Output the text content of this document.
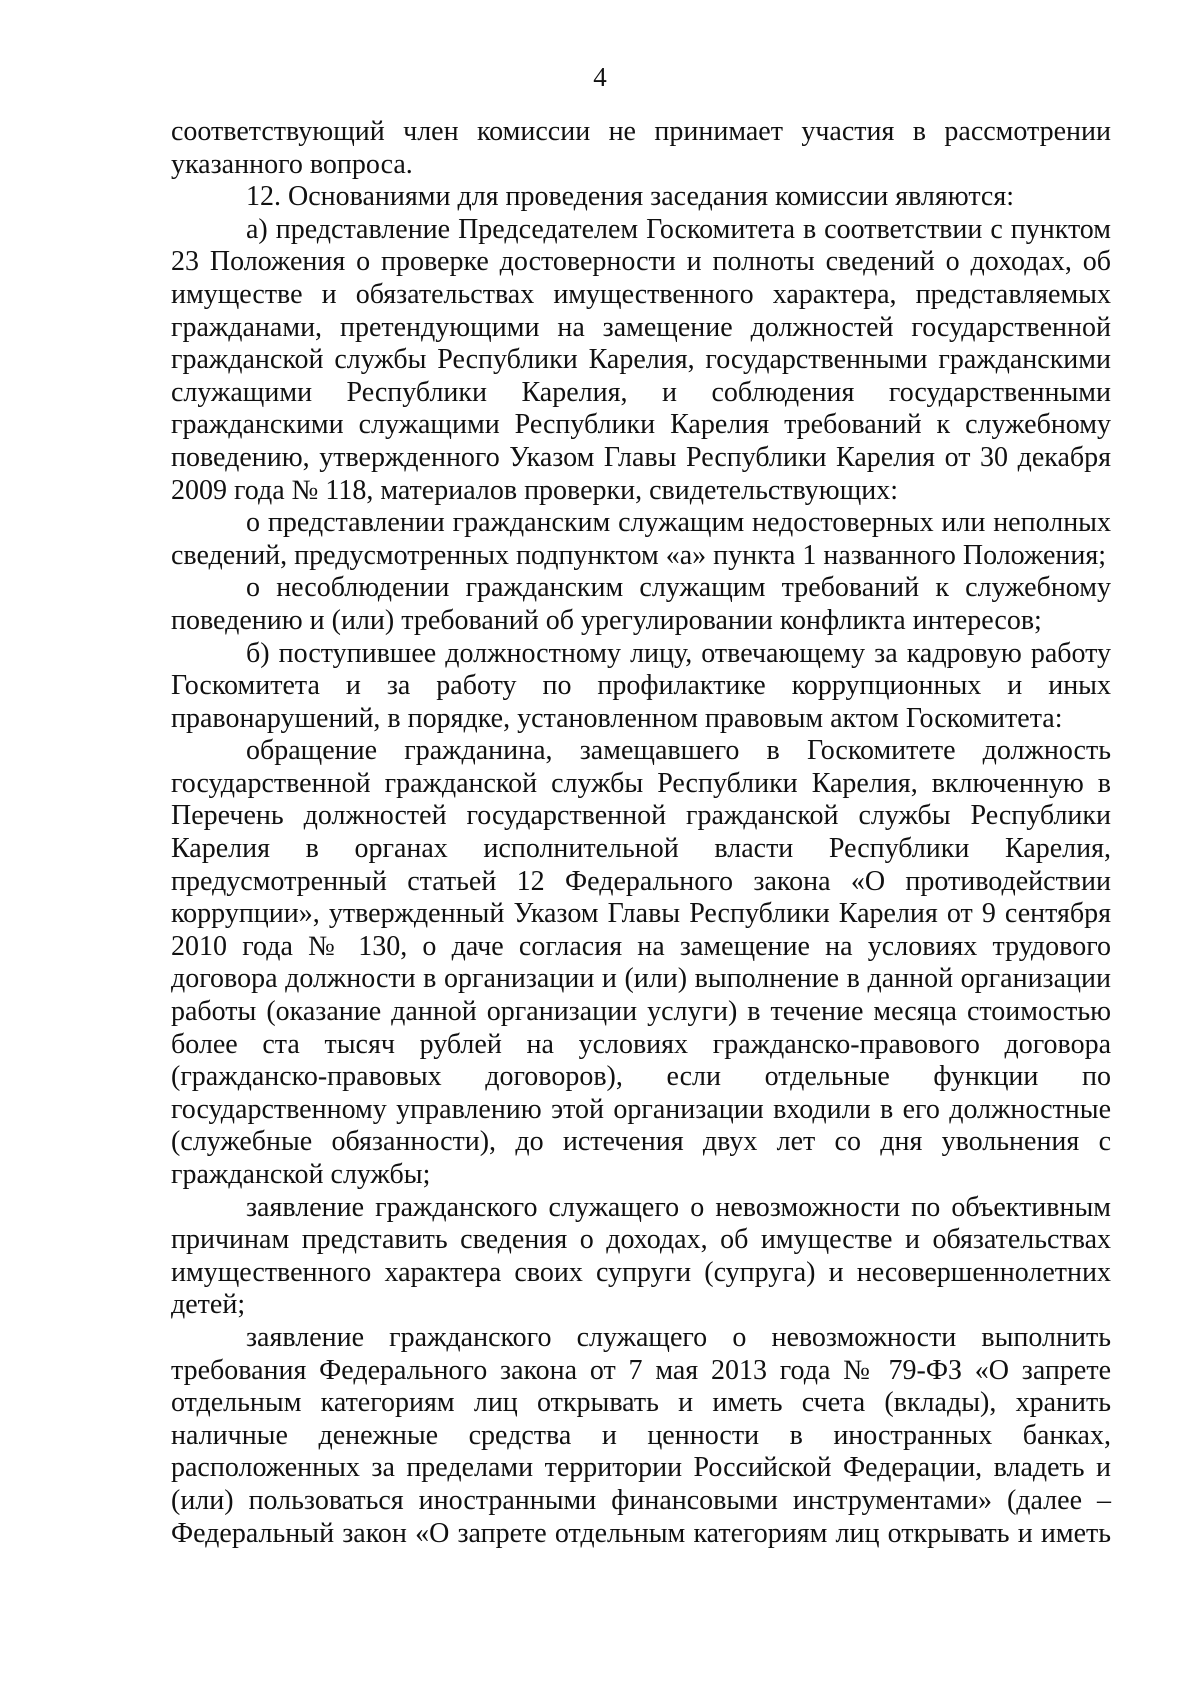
4

соответствующий член комиссии не принимает участия в рассмотрении указанного вопроса.

12. Основаниями для проведения заседания комиссии являются:

а) представление Председателем Госкомитета в соответствии с пунктом 23 Положения о проверке достоверности и полноты сведений о доходах, об имуществе и обязательствах имущественного характера, представляемых гражданами, претендующими на замещение должностей государственной гражданской службы Республики Карелия, государственными гражданскими служащими Республики Карелия, и соблюдения государственными гражданскими служащими Республики Карелия требований к служебному поведению, утвержденного Указом Главы Республики Карелия от 30 декабря 2009 года № 118, материалов проверки, свидетельствующих:

о представлении гражданским служащим недостоверных или неполных сведений, предусмотренных подпунктом «а» пункта 1 названного Положения;

о несоблюдении гражданским служащим требований к служебному поведению и (или) требований об урегулировании конфликта интересов;

б) поступившее должностному лицу, отвечающему за кадровую работу Госкомитета и за работу по профилактике коррупционных и иных правонарушений, в порядке, установленном правовым актом Госкомитета:

обращение гражданина, замещавшего в Госкомитете должность государственной гражданской службы Республики Карелия, включенную в Перечень должностей государственной гражданской службы Республики Карелия в органах исполнительной власти Республики Карелия, предусмотренный статьей 12 Федерального закона «О противодействии коррупции», утвержденный Указом Главы Республики Карелия от 9 сентября 2010 года № 130, о даче согласия на замещение на условиях трудового договора должности в организации и (или) выполнение в данной организации работы (оказание данной организации услуги) в течение месяца стоимостью более ста тысяч рублей на условиях гражданско-правового договора (гражданско-правовых договоров), если отдельные функции по государственному управлению этой организации входили в его должностные (служебные обязанности), до истечения двух лет со дня увольнения с гражданской службы;

заявление гражданского служащего о невозможности по объективным причинам представить сведения о доходах, об имуществе и обязательствах имущественного характера своих супруги (супруга) и несовершеннолетних детей;

заявление гражданского служащего о невозможности выполнить требования Федерального закона от 7 мая 2013 года № 79-ФЗ «О запрете отдельным категориям лиц открывать и иметь счета (вклады), хранить наличные денежные средства и ценности в иностранных банках, расположенных за пределами территории Российской Федерации, владеть и (или) пользоваться иностранными финансовыми инструментами» (далее – Федеральный закон «О запрете отдельным категориям лиц открывать и иметь
